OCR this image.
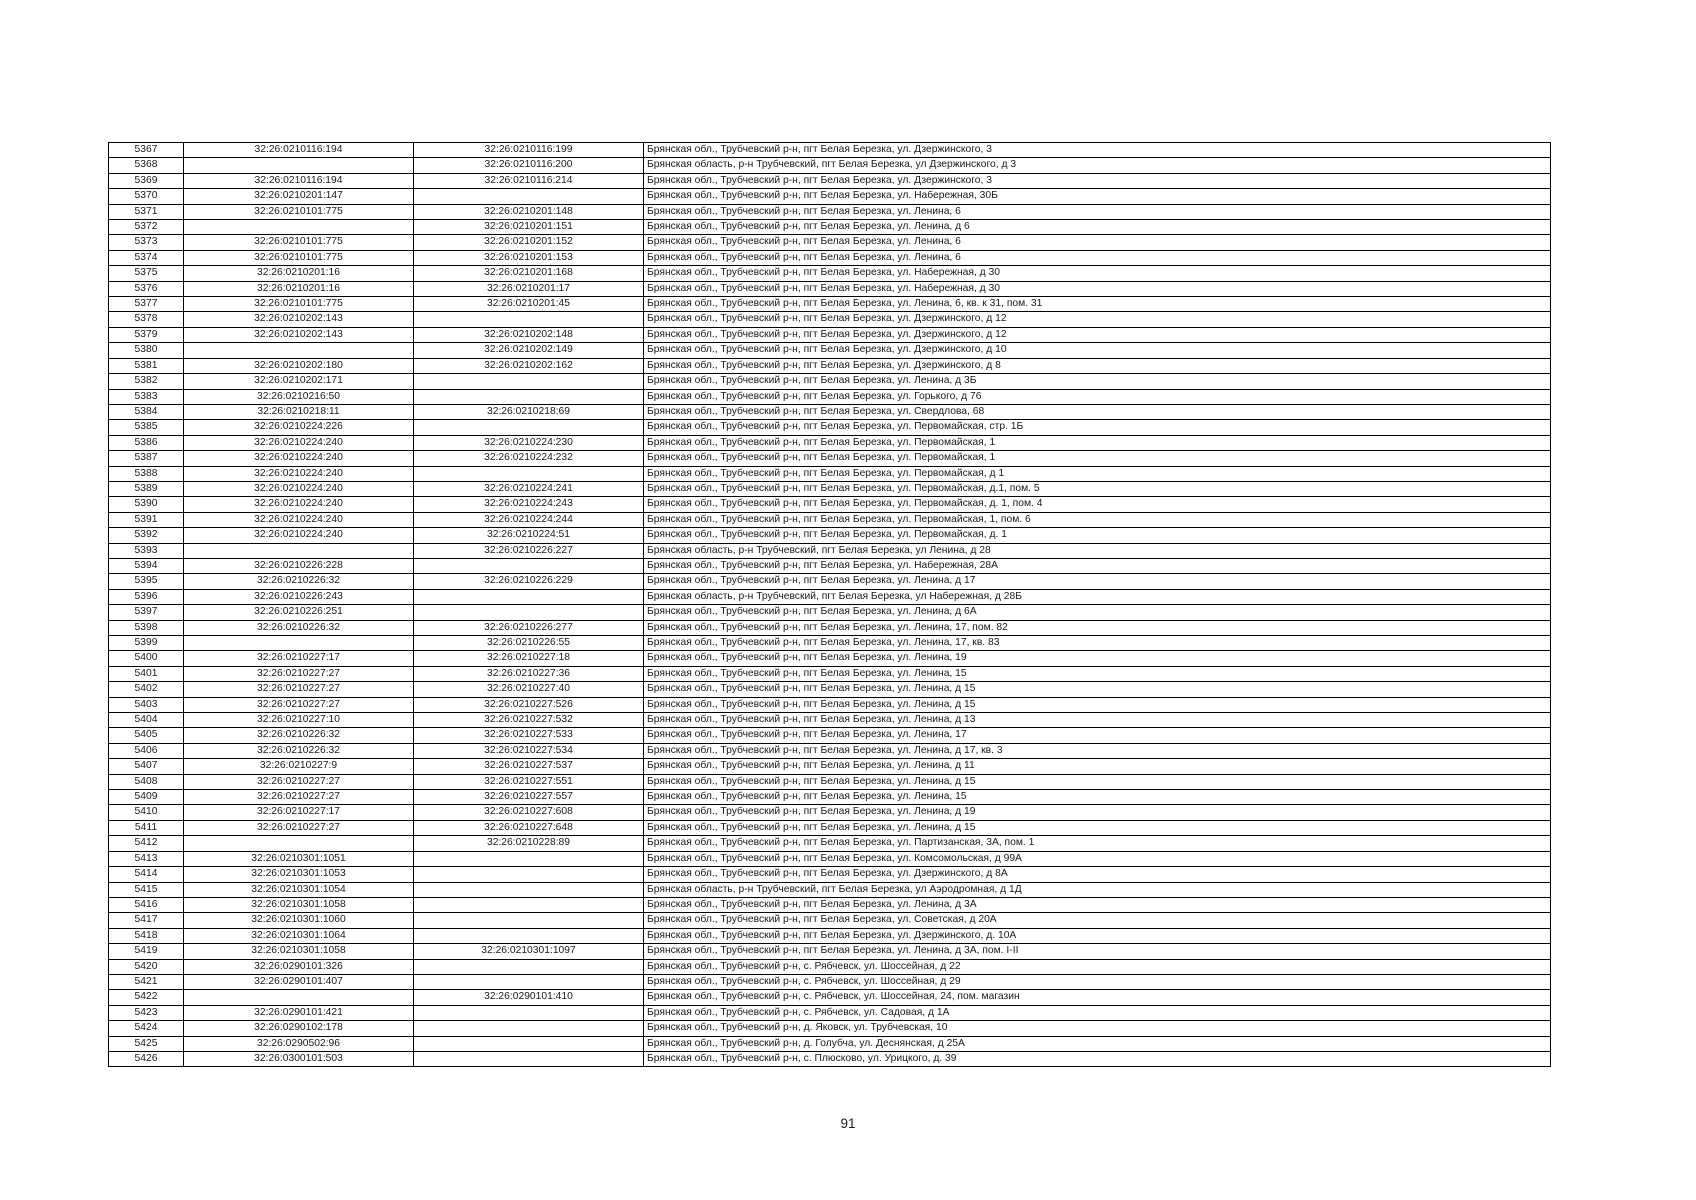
5367	32:26:0210116:194	32:26:0210116:199	Брянская обл., Трубчевский р-н, пгт Белая Березка, ул. Дзержинского, 3
5368		32:26:0210116:200	Брянская область, р-н Трубчевский, пгт Белая Березка, ул Дзержинского, д 3
5369	32:26:0210116:194	32:26:0210116:214	Брянская обл., Трубчевский р-н, пгт Белая Березка, ул. Дзержинского, 3
5370	32:26:0210201:147		Брянская обл., Трубчевский р-н, пгт Белая Березка, ул. Набережная, 30Б
5371	32:26:0210101:775	32:26:0210201:148	Брянская обл., Трубчевский р-н, пгт Белая Березка, ул. Ленина, 6
5372		32:26:0210201:151	Брянская обл., Трубчевский р-н, пгт Белая Березка, ул. Ленина, д 6
5373	32:26:0210101:775	32:26:0210201:152	Брянская обл., Трубчевский р-н, пгт Белая Березка, ул. Ленина, 6
5374	32:26:0210101:775	32:26:0210201:153	Брянская обл., Трубчевский р-н, пгт Белая Березка, ул. Ленина, 6
5375	32:26:0210201:16	32:26:0210201:168	Брянская обл., Трубчевский р-н, пгт Белая Березка, ул. Набережная, д 30
5376	32:26:0210201:16	32:26:0210201:17	Брянская обл., Трубчевский р-н, пгт Белая Березка, ул. Набережная, д 30
5377	32:26:0210101:775	32:26:0210201:45	Брянская обл., Трубчевский р-н, пгт Белая Березка, ул. Ленина, 6, кв. к 31, пом. 31
5378	32:26:0210202:143		Брянская обл., Трубчевский р-н, пгт Белая Березка, ул. Дзержинского, д 12
5379	32:26:0210202:143	32:26:0210202:148	Брянская обл., Трубчевский р-н, пгт Белая Березка, ул. Дзержинского, д 12
5380		32:26:0210202:149	Брянская обл., Трубчевский р-н, пгт Белая Березка, ул. Дзержинского, д 10
5381	32:26:0210202:180	32:26:0210202:162	Брянская обл., Трубчевский р-н, пгт Белая Березка, ул. Дзержинского, д 8
5382	32:26:0210202:171		Брянская обл., Трубчевский р-н, пгт Белая Березка, ул. Ленина, д 3Б
5383	32:26:0210216:50		Брянская обл., Трубчевский р-н, пгт Белая Березка, ул. Горького, д 76
5384	32:26:0210218:11	32:26:0210218:69	Брянская обл., Трубчевский р-н, пгт Белая Березка, ул. Свердлова, 68
5385	32:26:0210224:226		Брянская обл., Трубчевский р-н, пгт Белая Березка, ул. Первомайская, стр. 1Б
5386	32:26:0210224:240	32:26:0210224:230	Брянская обл., Трубчевский р-н, пгт Белая Березка, ул. Первомайская, 1
5387	32:26:0210224:240	32:26:0210224:232	Брянская обл., Трубчевский р-н, пгт Белая Березка, ул. Первомайская, 1
5388	32:26:0210224:240		Брянская обл., Трубчевский р-н, пгт Белая Березка, ул. Первомайская, д 1
5389	32:26:0210224:240	32:26:0210224:241	Брянская обл., Трубчевский р-н, пгт Белая Березка, ул. Первомайская, д.1, пом. 5
5390	32:26:0210224:240	32:26:0210224:243	Брянская обл., Трубчевский р-н, пгт Белая Березка, ул. Первомайская, д. 1, пом. 4
5391	32:26:0210224:240	32:26:0210224:244	Брянская обл., Трубчевский р-н, пгт Белая Березка, ул. Первомайская, 1, пом. 6
5392	32:26:0210224:240	32:26:0210224:51	Брянская обл., Трубчевский р-н, пгт Белая Березка, ул. Первомайская, д. 1
5393		32:26:0210226:227	Брянская область, р-н Трубчевский, пгт Белая Березка, ул Ленина, д 28
5394	32:26:0210226:228		Брянская обл., Трубчевский р-н, пгт Белая Березка, ул. Набережная, 28А
5395	32:26:0210226:32	32:26:0210226:229	Брянская обл., Трубчевский р-н, пгт Белая Березка, ул. Ленина, д 17
5396	32:26:0210226:243		Брянская область, р-н Трубчевский, пгт Белая Березка, ул Набережная, д 28Б
5397	32:26:0210226:251		Брянская обл., Трубчевский р-н, пгт Белая Березка, ул. Ленина, д 6А
5398	32:26:0210226:32	32:26:0210226:277	Брянская обл., Трубчевский р-н, пгт Белая Березка, ул. Ленина, 17, пом. 82
5399		32:26:0210226:55	Брянская обл., Трубчевский р-н, пгт Белая Березка, ул. Ленина, 17, кв. 83
5400	32:26:0210227:17	32:26:0210227:18	Брянская обл., Трубчевский р-н, пгт Белая Березка, ул. Ленина, 19
5401	32:26:0210227:27	32:26:0210227:36	Брянская обл., Трубчевский р-н, пгт Белая Березка, ул. Ленина, 15
5402	32:26:0210227:27	32:26:0210227:40	Брянская обл., Трубчевский р-н, пгт Белая Березка, ул. Ленина, д 15
5403	32:26:0210227:27	32:26:0210227:526	Брянская обл., Трубчевский р-н, пгт Белая Березка, ул. Ленина, д 15
5404	32:26:0210227:10	32:26:0210227:532	Брянская обл., Трубчевский р-н, пгт Белая Березка, ул. Ленина, д 13
5405	32:26:0210226:32	32:26:0210227:533	Брянская обл., Трубчевский р-н, пгт Белая Березка, ул. Ленина, 17
5406	32:26:0210226:32	32:26:0210227:534	Брянская обл., Трубчевский р-н, пгт Белая Березка, ул. Ленина, д 17, кв. 3
5407	32:26:0210227:9	32:26:0210227:537	Брянская обл., Трубчевский р-н, пгт Белая Березка, ул. Ленина, д 11
5408	32:26:0210227:27	32:26:0210227:551	Брянская обл., Трубчевский р-н, пгт Белая Березка, ул. Ленина, д 15
5409	32:26:0210227:27	32:26:0210227:557	Брянская обл., Трубчевский р-н, пгт Белая Березка, ул. Ленина, 15
5410	32:26:0210227:17	32:26:0210227:608	Брянская обл., Трубчевский р-н, пгт Белая Березка, ул. Ленина, д 19
5411	32:26:0210227:27	32:26:0210227:648	Брянская обл., Трубчевский р-н, пгт Белая Березка, ул. Ленина, д 15
5412		32:26:0210228:89	Брянская обл., Трубчевский р-н, пгт Белая Березка, ул. Партизанская, 3А, пом. 1
5413	32:26:0210301:1051		Брянская обл., Трубчевский р-н, пгт Белая Березка, ул. Комсомольская, д 99А
5414	32:26:0210301:1053		Брянская обл., Трубчевский р-н, пгт Белая Березка, ул. Дзержинского, д 8А
5415	32:26:0210301:1054		Брянская область, р-н Трубчевский, пгт Белая Березка, ул Аэродромная, д 1Д
5416	32:26:0210301:1058		Брянская обл., Трубчевский р-н, пгт Белая Березка, ул. Ленина, д 3А
5417	32:26:0210301:1060		Брянская обл., Трубчевский р-н, пгт Белая Березка, ул. Советская, д 20А
5418	32:26:0210301:1064		Брянская обл., Трубчевский р-н, пгт Белая Березка, ул. Дзержинского, д. 10А
5419	32:26:0210301:1058	32:26:0210301:1097	Брянская обл., Трубчевский р-н, пгт Белая Березка, ул. Ленина, д 3А, пом. I-II
5420	32:26:0290101:326		Брянская обл., Трубчевский р-н, с. Рябчевск, ул. Шоссейная, д 22
5421	32:26:0290101:407		Брянская обл., Трубчевский р-н, с. Рябчевск, ул. Шоссейная, д 29
5422		32:26:0290101:410	Брянская обл., Трубчевский р-н, с. Рябчевск, ул. Шоссейная, 24, пом. магазин
5423	32:26:0290101:421		Брянская обл., Трубчевский р-н, с. Рябчевск, ул. Садовая, д 1А
5424	32:26:0290102:178		Брянская обл., Трубчевский р-н, д. Яковск, ул. Трубчевская, 10
5425	32:26:0290502:96		Брянская обл., Трубчевский р-н, д. Голубча, ул. Деснянская, д 25А
5426	32:26:0300101:503		Брянская обл., Трубчевский р-н, с. Плюсково, ул. Урицкого, д. 39
91
